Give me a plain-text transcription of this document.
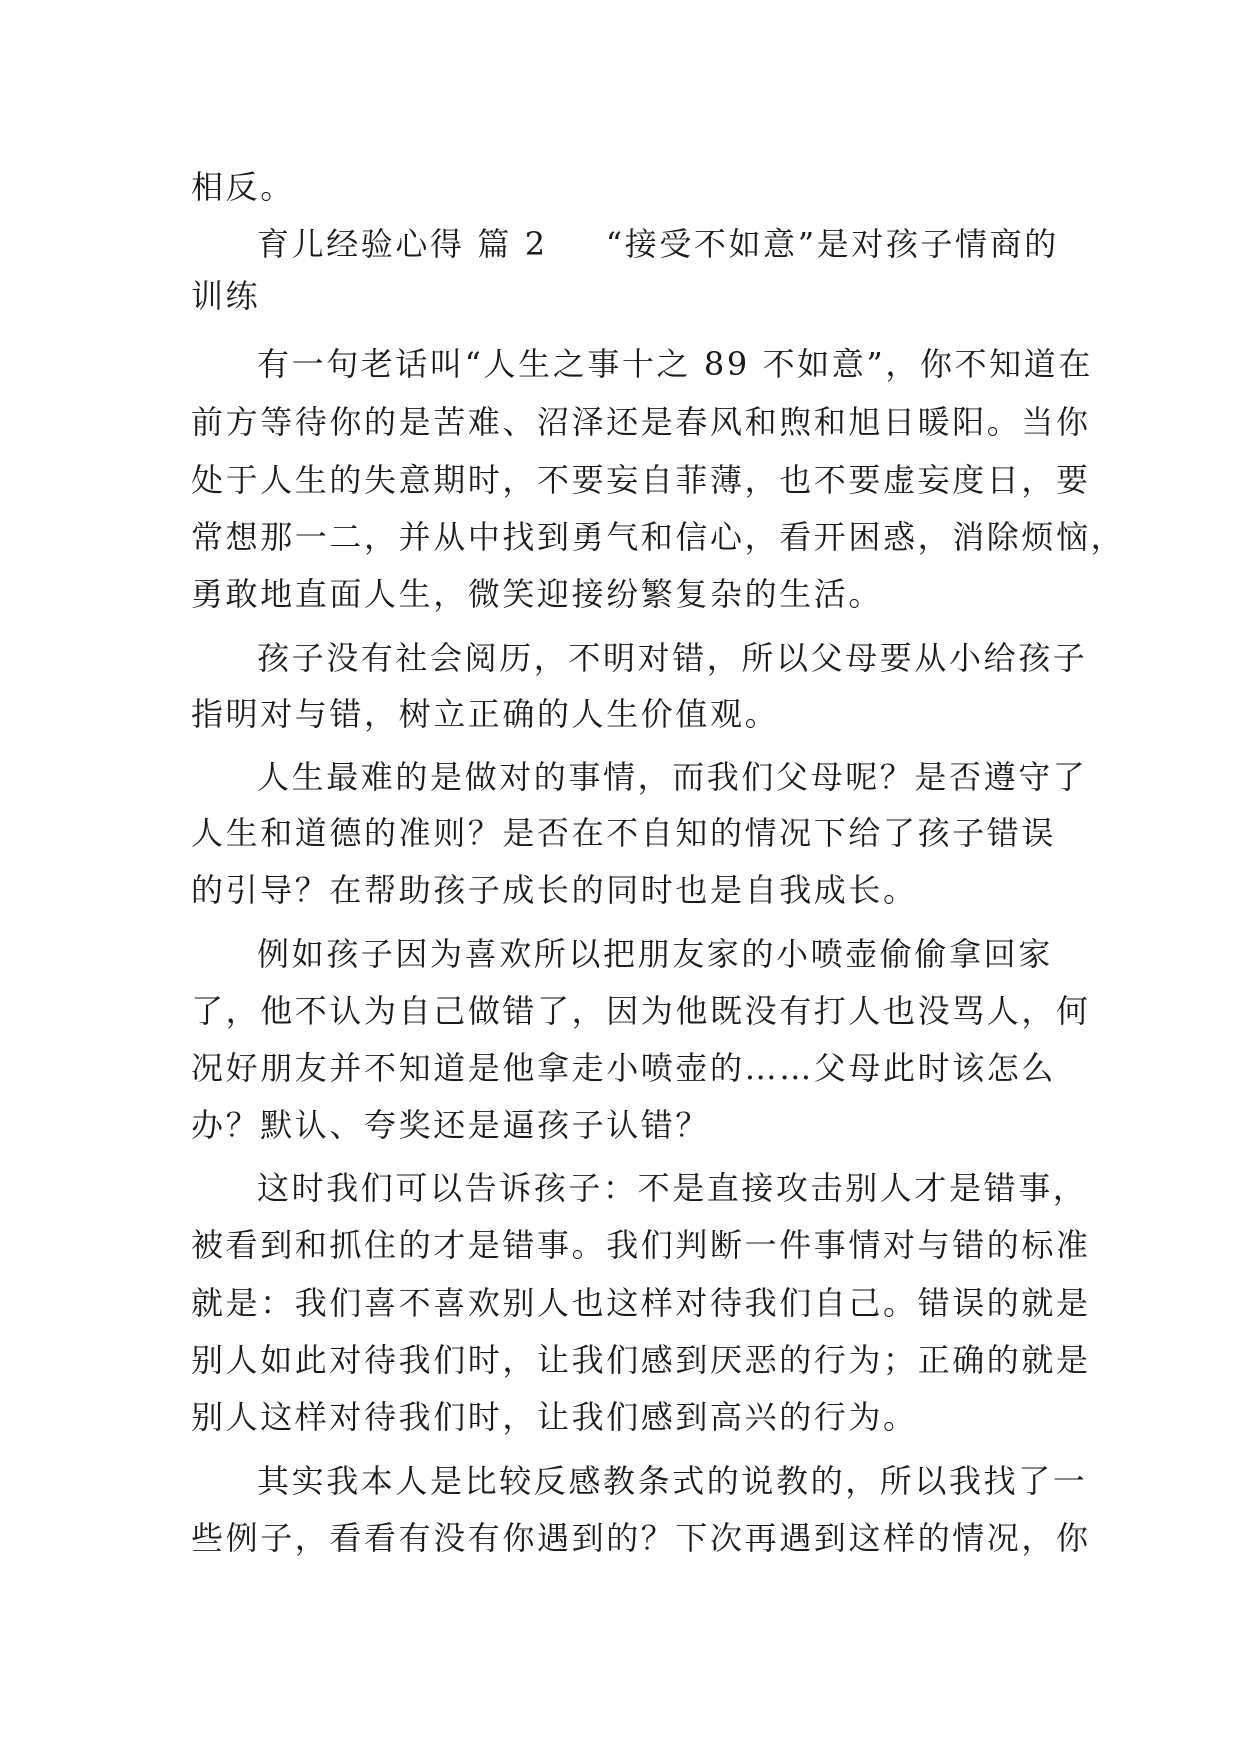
相反。
育儿经验心得 篇 2 “接受不如意”是对孩子情商的
训练
有一句老话叫“人生之事十之 89 不如意”，你不知道在
前方等待你的是苦难、沼泽还是春风和煦和旭日暖阳。当你
处于人生的失意期时，不要妄自菲薄，也不要虚妄度日，要
常想那一二，并从中找到勇气和信心，看开困惑，消除烦恼，
勇敢地直面人生，微笑迎接纷繁复杂的生活。
孩子没有社会阅历，不明对错，所以父母要从小给孩子
指明对与错，树立正确的人生价值观。
人生最难的是做对的事情，而我们父母呢？是否遵守了
人生和道德的准则？是否在不自知的情况下给了孩子错误
的引导？在帮助孩子成长的同时也是自我成长。
例如孩子因为喜欢所以把朋友家的小喷壶偷偷拿回家
了，他不认为自己做错了，因为他既没有打人也没骂人，何
况好朋友并不知道是他拿走小喷壶的……父母此时该怎么
办？默认、夸奖还是逼孩子认错？
这时我们可以告诉孩子：不是直接攻击别人才是错事，
被看到和抓住的才是错事。我们判断一件事情对与错的标准
就是：我们喜不喜欢别人也这样对待我们自己。错误的就是
别人如此对待我们时，让我们感到厌恶的行为；正确的就是
别人这样对待我们时，让我们感到高兴的行为。
其实我本人是比较反感教条式的说教的，所以我找了一
些例子，看看有没有你遇到的？下次再遇到这样的情况，你
